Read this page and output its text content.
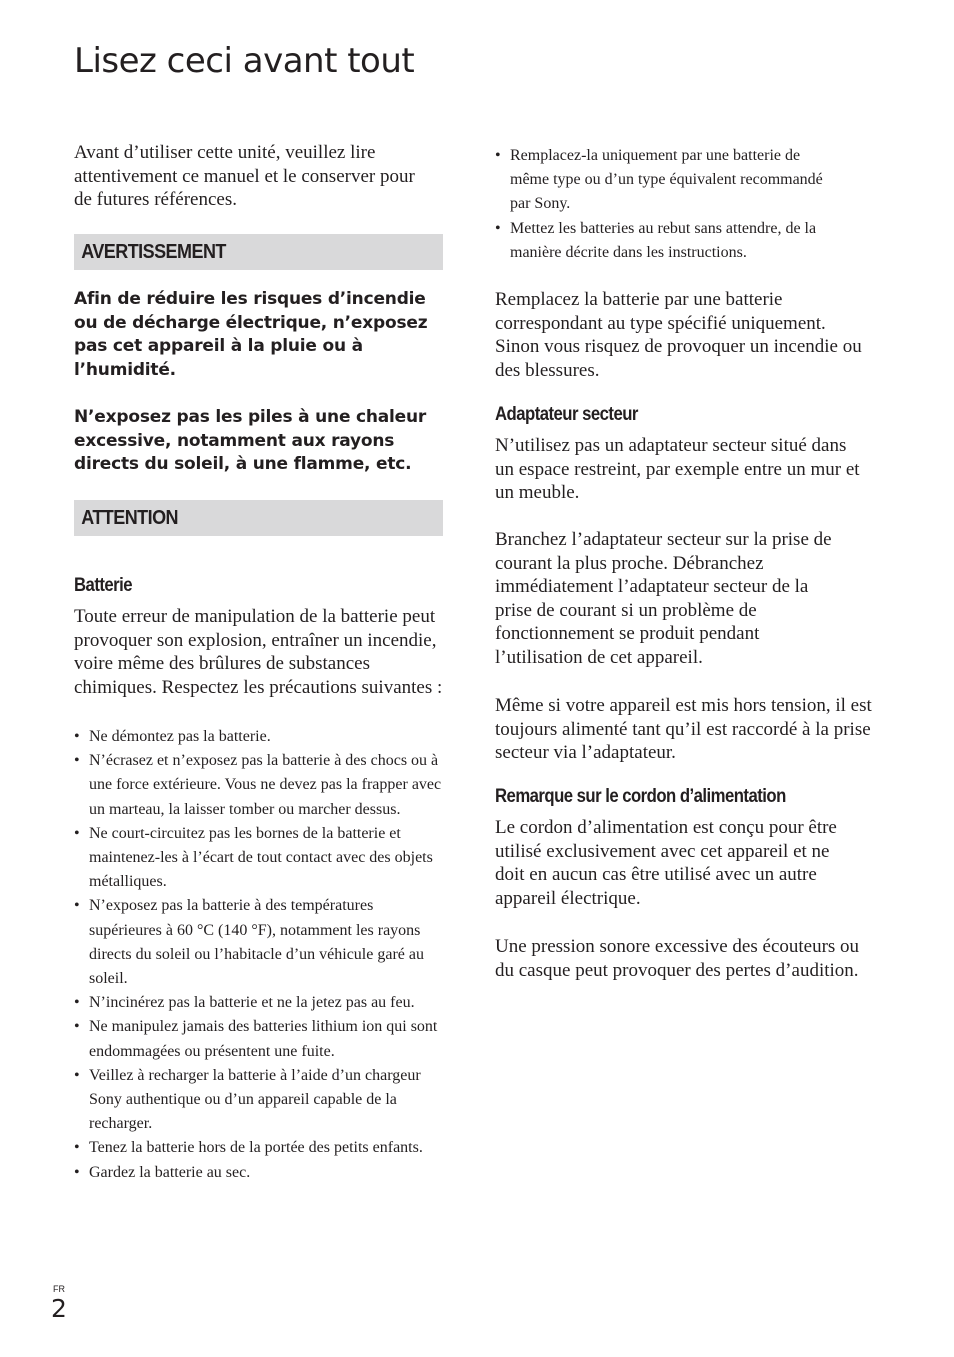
Lisez ceci avant tout

Avant d’utiliser cette unité, veuillez lire attentivement ce manuel et le conserver pour de futures références.

AVERTISSEMENT

Afin de réduire les risques d’incendie ou de décharge électrique, n’exposez pas cet appareil à la pluie ou à l’humidité.

N’exposez pas les piles à une chaleur excessive, notamment aux rayons directs du soleil, à une flamme, etc.

ATTENTION
Batterie

Toute erreur de manipulation de la batterie peut provoquer son explosion, entraîner un incendie, voire même des brûlures de substances chimiques. Respectez les précautions suivantes :

• Ne démontez pas la batterie.
• N’écrasez et n’exposez pas la batterie à des chocs ou à une force extérieure. Vous ne devez pas la frapper avec un marteau, la laisser tomber ou marcher dessus.
• Ne court-circuitez pas les bornes de la batterie et maintenez-les à l’écart de tout contact avec des objets métalliques.
• N’exposez pas la batterie à des températures supérieures à 60 °C (140 °F), notamment les rayons directs du soleil ou l’habitacle d’un véhicule garé au soleil.
• N’incinérez pas la batterie et ne la jetez pas au feu.
• Ne manipulez jamais des batteries lithium ion qui sont endommagées ou présentent une fuite.
• Veillez à recharger la batterie à l’aide d’un chargeur Sony authentique ou d’un appareil capable de la recharger.
• Tenez la batterie hors de la portée des petits enfants.
• Gardez la batterie au sec.
• Remplacez-la uniquement par une batterie de même type ou d’un type équivalent recommandé par Sony.
• Mettez les batteries au rebut sans attendre, de la manière décrite dans les instructions.

Remplacez la batterie par une batterie correspondant au type spécifié uniquement. Sinon vous risquez de provoquer un incendie ou des blessures.

Adaptateur secteur

N’utilisez pas un adaptateur secteur situé dans un espace restreint, par exemple entre un mur et un meuble.

Branchez l’adaptateur secteur sur la prise de courant la plus proche. Débranchez immédiatement l’adaptateur secteur de la prise de courant si un problème de fonctionnement se produit pendant l’utilisation de cet appareil.

Même si votre appareil est mis hors tension, il est toujours alimenté tant qu’il est raccordé à la prise secteur via l’adaptateur.

Remarque sur le cordon d’alimentation

Le cordon d’alimentation est conçu pour être utilisé exclusivement avec cet appareil et ne doit en aucun cas être utilisé avec un autre appareil électrique.

Une pression sonore excessive des écouteurs ou du casque peut provoquer des pertes d’audition.

FR
2
